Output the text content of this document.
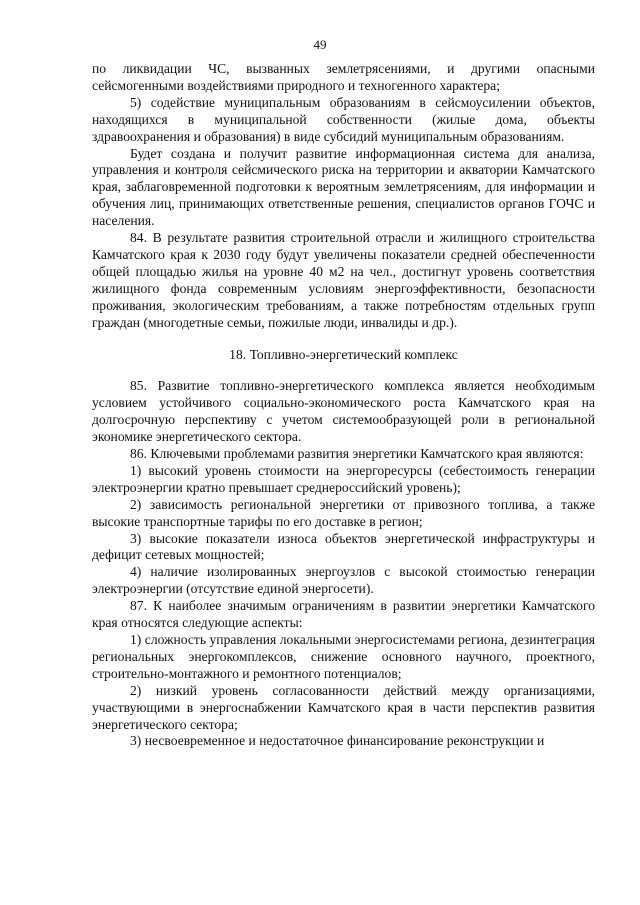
49

по ликвидации ЧС, вызванных землетрясениями, и другими опасными сейсмогенными воздействиями природного и техногенного характера;

5) содействие муниципальным образованиям в сейсмоусилении объектов, находящихся в муниципальной собственности (жилые дома, объекты здравоохранения и образования) в виде субсидий муниципальным образованиям.

Будет создана и получит развитие информационная система для анализа, управления и контроля сейсмического риска на территории и акватории Камчатского края, заблаговременной подготовки к вероятным землетрясениям, для информации и обучения лиц, принимающих ответственные решения, специалистов органов ГОЧС и населения.

84. В результате развития строительной отрасли и жилищного строительства Камчатского края к 2030 году будут увеличены показатели средней обеспеченности общей площадью жилья на уровне 40 м2 на чел., достигнут уровень соответствия жилищного фонда современным условиям энергоэффективности, безопасности проживания, экологическим требованиям, а также потребностям отдельных групп граждан (многодетные семьи, пожилые люди, инвалиды и др.).

18. Топливно-энергетический комплекс

85. Развитие топливно-энергетического комплекса является необходимым условием устойчивого социально-экономического роста Камчатского края на долгосрочную перспективу с учетом системообразующей роли в региональной экономике энергетического сектора.

86. Ключевыми проблемами развития энергетики Камчатского края являются:

1) высокий уровень стоимости на энергоресурсы (себестоимость генерации электроэнергии кратно превышает среднероссийский уровень);

2) зависимость региональной энергетики от привозного топлива, а также высокие транспортные тарифы по его доставке в регион;

3) высокие показатели износа объектов энергетической инфраструктуры и дефицит сетевых мощностей;

4) наличие изолированных энергоузлов с высокой стоимостью генерации электроэнергии (отсутствие единой энергосети).

87. К наиболее значимым ограничениям в развитии энергетики Камчатского края относятся следующие аспекты:

1) сложность управления локальными энергосистемами региона, дезинтеграция региональных энергокомплексов, снижение основного научного, проектного, строительно-монтажного и ремонтного потенциалов;

2) низкий уровень согласованности действий между организациями, участвующими в энергоснабжении Камчатского края в части перспектив развития энергетического сектора;

3) несвоевременное и недостаточное финансирование реконструкции и
